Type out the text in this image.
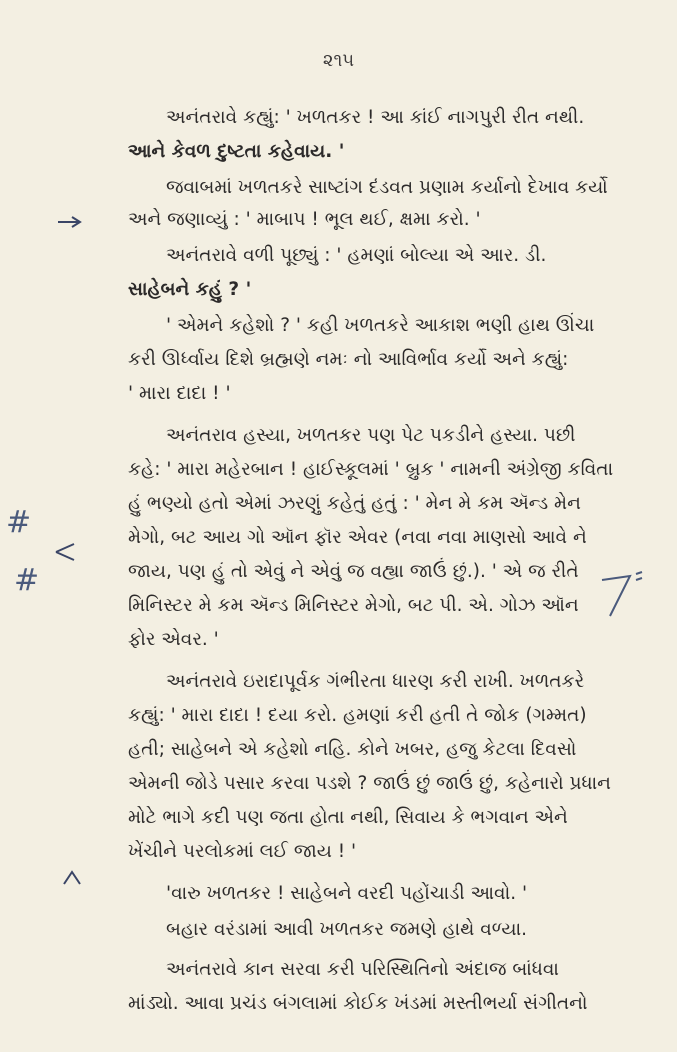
૨૧૫
અનંતરાવે કહ્યું: ' ખળતકર ! આ કાંઈ નાગપુરી રીત નથી.
આને કેવળ દુષ્ટતા કહેવાય. '
જવાબમાં ખળતકરે સાષ્ટાંગ દંડવત પ્રણામ કર્યાનો દેખાવ કર્યો
અને જણાવ્યું : ' માબાપ ! ભૂલ થઈ, ક્ષમા કરો. '
અનંતરાવે વળી પૂછ્યું : ' હમણાં બોલ્યા એ આર. ડી.
સાહેબને કહું ? '
' એમને કહેશો ? ' કહી ખળતકરે આકાશ ભણી હાથ ઊંચા
કરી ઊર્ધ્વાય દિશે બ્રહ્મણે નમઃ નો આવિર્ભાવ કર્યો અને કહ્યું:
' મારા દાદા ! '
અનંતરાવ હસ્યા, ખળતકર પણ પેટ પકડીને હસ્યા. પછી
કહે: ' મારા મહેરબાન ! હાઈસ્કૂલમાં ' બ્રુક ' નામની અંગ્રેજી કવિતા
હું ભણ્યો હતો એમાં ઝરણું કહેતું હતું : ' મેન મે કમ ઍન્ડ મેન
મેગો, બટ આય ગો ઑન ફૉર એવર (નવા નવા માણસો આવે ને
જાય, પણ હું તો એવું ને એવું જ વહ્યા જાઉં છું.). ' એ જ રીતે
મિનિસ્ટર મે કમ ઍન્ડ મિનિસ્ટર મેગો, બટ પી. એ. ગોઝ ઑન
ફોર એવર. '
અનંતરાવે ઇરાદાપૂર્વક ગંભીરતા ધારણ કરી રાખી. ખળતકરે
કહ્યું: ' મારા દાદા ! દયા કરો. હમણાં કરી હતી તે જોક (ગમ્મત)
હતી; સાહેબને એ કહેશો નહિ. કોને ખબર, હજુ કેટલા દિવસો
એમની જોડે પસાર કરવા પડશે ? જાઉં છું જાઉં છું, કહેનારો પ્રધાન
મોટે ભાગે કદી પણ જતા હોતા નથી, સિવાય કે ભગવાન એને
ખેંચીને પરલોકમાં લઈ જાય ! '
'વારુ ખળતકર ! સાહેબને વરદી પહોંચાડી આવો. '
બહાર વરંડામાં આવી ખળતકર જમણે હાથે વળ્યા.
અનંતરાવે કાન સરવા કરી પરિસ્થિતિનો અંદાજ બાંધવા
માંડ્યો. આવા પ્રચંડ બંગલામાં કોઈક ખંડમાં મસ્તીભર્યા સંગીતનો
#
#
